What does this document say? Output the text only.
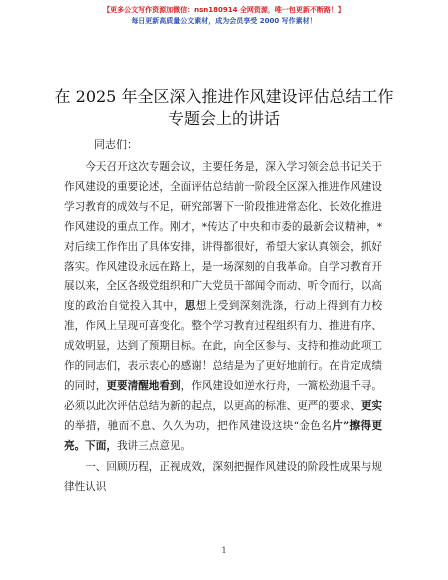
【更多公文写作资源加微信：nsn180914 全网资源，唯一包更新不断路！】
每日更新高质量公文素材，成为会员享受 2000 写作素材！
在 2025 年全区深入推进作风建设评估总结工作
专题会上的讲话
同志们：

今天召开这次专题会议，主要任务是，深入学习领会总书记关于作风建设的重要论述，全面评估总结前一阶段全区深入推进作风建设学习教育的成效与不足，研究部署下一阶段推进常态化、长效化推进作风建设的重点工作。刚才，*传达了中央和市委的最新会议精神，*对后续工作作出了具体安排，讲得都很好，希望大家认真领会，抓好落实。作风建设永远在路上，是一场深刻的自我革命。自学习教育开展以来，全区各级党组织和广大党员干部闻令而动、听令而行，以高度的政治自觉投入其中，思想上受到深刻洗涤，行动上得到有力校准，作风上呈现可喜变化。整个学习教育过程组织有力、推进有序、成效明显，达到了预期目标。在此，向全区参与、支持和推动此项工作的同志们，表示衷心的感谢！总结是为了更好地前行。在肯定成绩的同时，更要清醒地看到，作风建设如逆水行舟，一篙松劲退千寻。必须以此次评估总结为新的起点，以更高的标准、更严的要求、更实的举措，驰而不息、久久为功，把作风建设这块“金色名片”擦得更亮。下面，我讲三点意见。

一、回顾历程，正视成效，深刻把握作风建设的阶段性成果与规律性认识

1
